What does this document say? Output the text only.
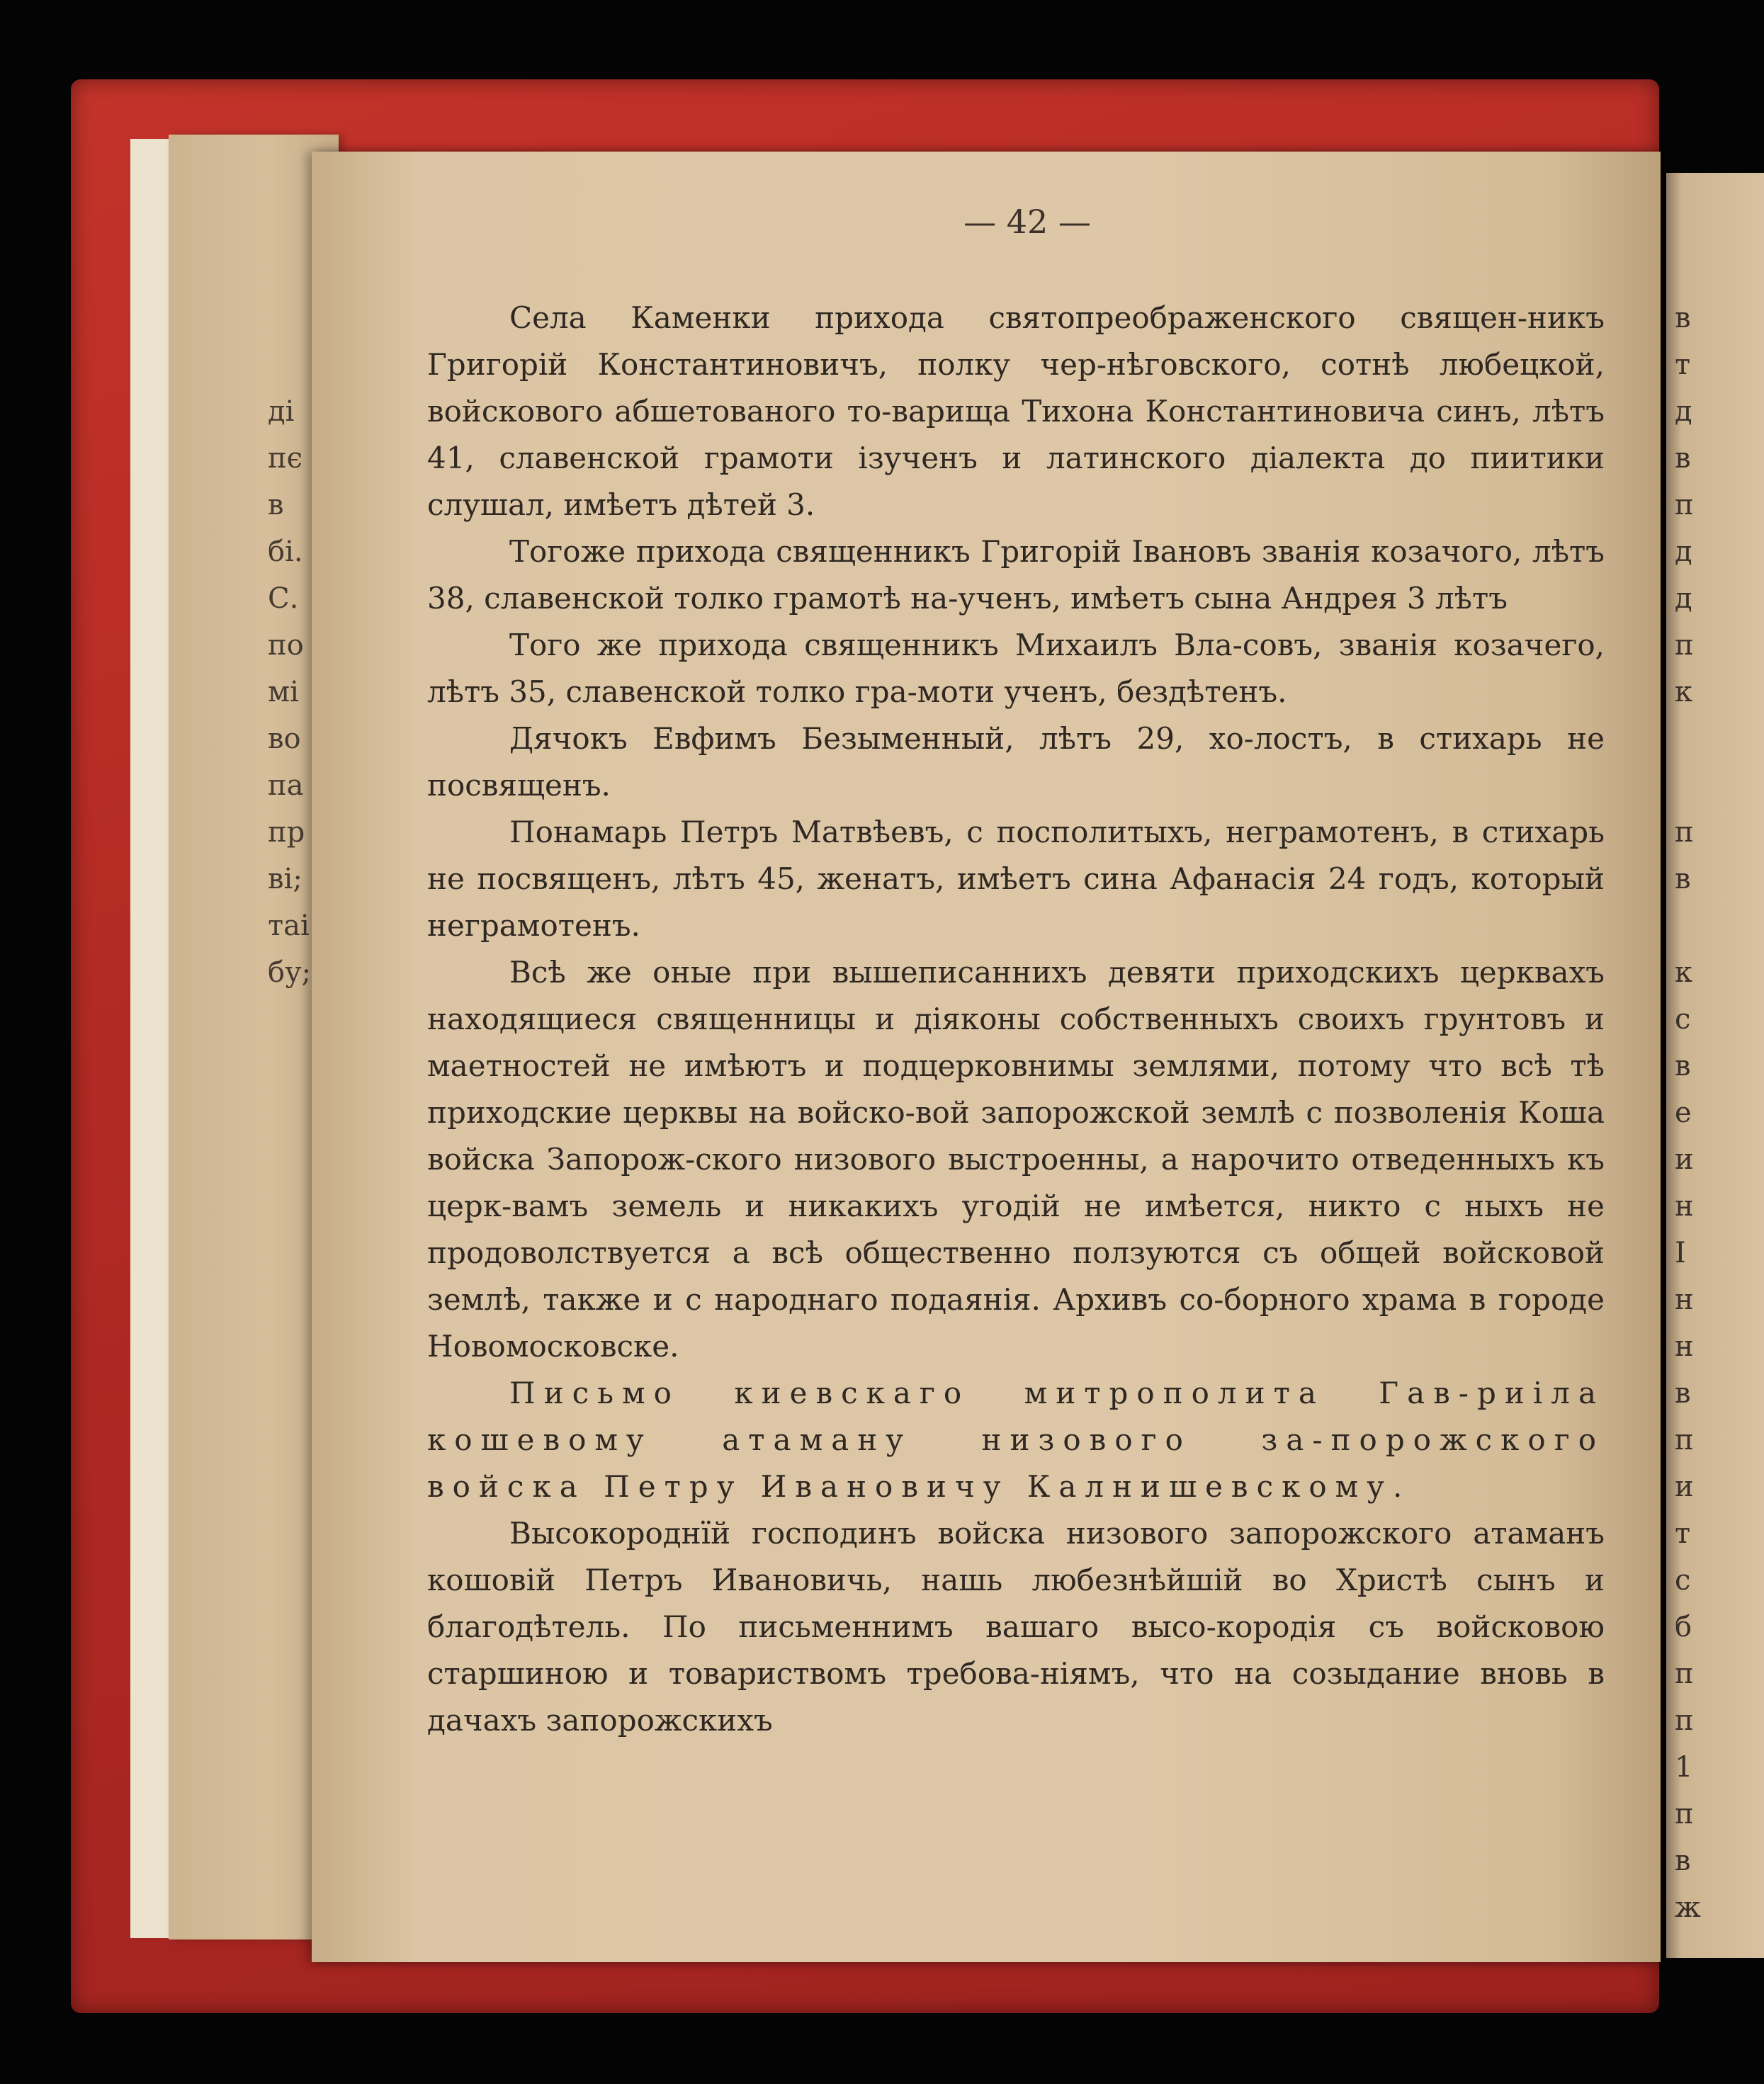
ді
пє
в
бі.
С.
по
мі
во
па
пр
ві;
таі
бу;
— 42 —

Села Каменки прихода святопреображенского священ-никъ Григорій Константиновичъ, полку чер-нѣговского, сотнѣ любецкой, войскового абшетованого то-варища Тихона Константиновича синъ, лѣтъ 41, славенской грамоти ізученъ и латинского діалекта до пиитики слушал, имѣетъ дѣтей 3.

Тогоже прихода священникъ Григорій Івановъ званія козачого, лѣтъ 38, славенской толко грамотѣ на-ученъ, имѣетъ сына Андрея 3 лѣтъ

Того же прихода священникъ Михаилъ Вла-совъ, званія козачего, лѣтъ 35, славенской толко гра-моти ученъ, бездѣтенъ.

Дячокъ Евфимъ Безыменный, лѣтъ 29, хо-лостъ, в стихарь не посвященъ.

Понамарь Петръ Матвѣевъ, с посполитыхъ, неграмотенъ, в стихарь не посвященъ, лѣтъ 45, женатъ, имѣетъ сина Афанасія 24 годъ, который неграмотенъ.

Всѣ же оные при вышеписаннихъ девяти приходскихъ церквахъ находящиеся священницы и діяконы собственныхъ своихъ грунтовъ и маетностей не имѣютъ и подцерковнимы землями, потому что всѣ тѣ приходские церквы на войско-вой запорожской землѣ с позволенія Коша войска Запорож-ского низового выстроенны, а нарочито отведенныхъ къ церк-вамъ земель и никакихъ угодій не имѣется, никто с ныхъ не продоволствуется а всѣ общественно ползуются съ общей войсковой землѣ, также и с народнаго подаянія. Архивъ со-борного храма в городе Новомосковске.

Письмо киевскаго митрополита Гав-риіла кошевому атаману низового за-порожского войска Петру Ивановичу Калнишевскому.

Высокороднїй господинъ войска низового запорожского атаманъ кошовій Петръ Ивановичь, нашь любезнѣйшій во Христѣ сынъ и благодѣтель. По письменнимъ вашаго высо-кородія съ войсковою старшиною и товариствомъ требова-ніямъ, что на созыдание вновь в дачахъ запорожскихъ

в
т
д
в
п
д
д
п
к
п
в
к
с
в
е
и
н
І
н
н
в
п
и
т
с
б
п
п
1
п
в
ж
